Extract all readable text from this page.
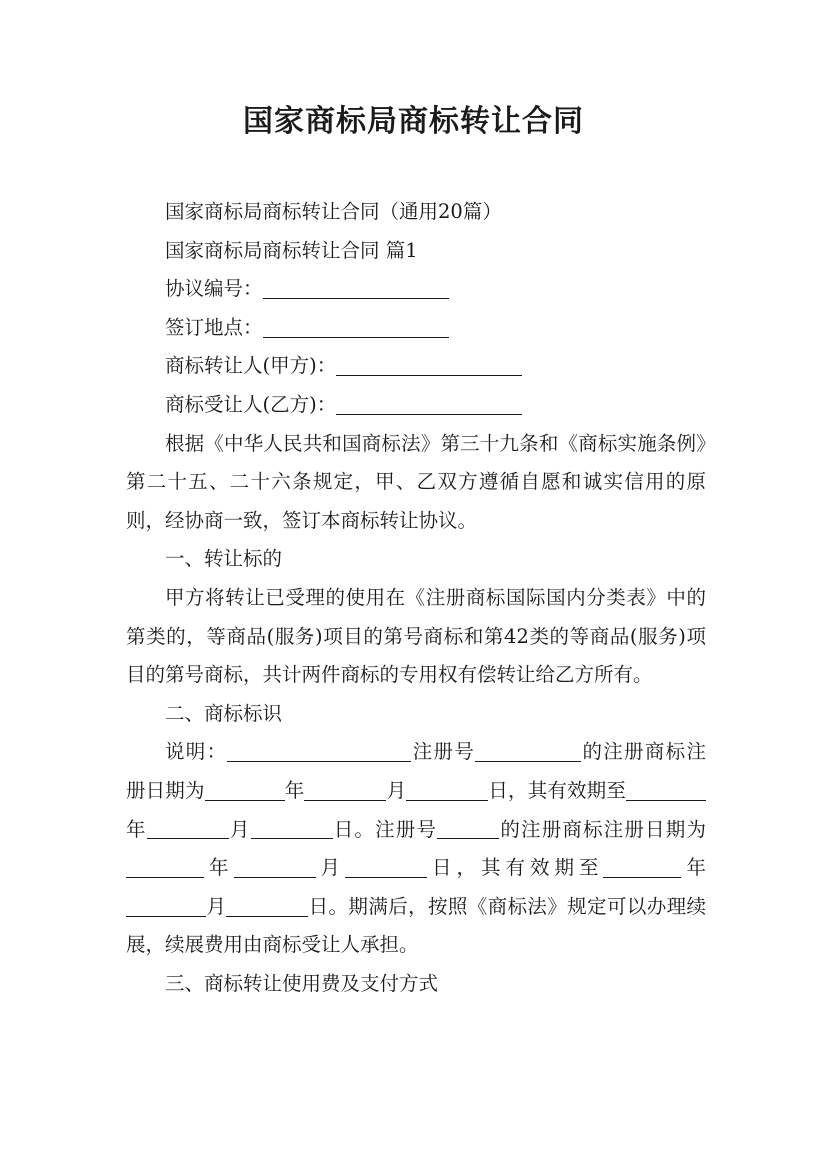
国家商标局商标转让合同

国家商标局商标转让合同（通用20篇）

国家商标局商标转让合同 篇1

协议编号：

签订地点：

商标转让人(甲方)：

商标受让人(乙方)：

根据《中华人民共和国商标法》第三十九条和《商标实施条例》第二十五、二十六条规定，甲、乙双方遵循自愿和诚实信用的原则，经协商一致，签订本商标转让协议。

一、转让标的

甲方将转让已受理的使用在《注册商标国际国内分类表》中的第类的，等商品(服务)项目的第号商标和第42类的等商品(服务)项目的第号商标，共计两件商标的专用权有偿转让给乙方所有。

二、商标标识

说明：	注册号	的注册商标注册日期为	年	月	日，其有效期至年	月	日。注册号	的注册商标注册日期为年	月	日，其有效期至	年月	日。期满后，按照《商标法》规定可以办理续展，续展费用由商标受让人承担。

三、商标转让使用费及支付方式
